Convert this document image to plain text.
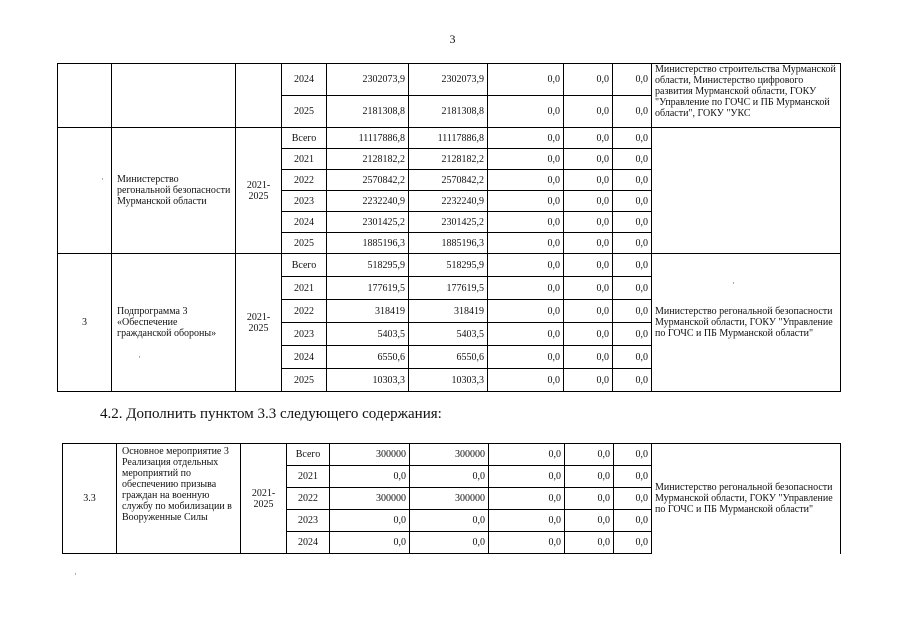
3
			2024	2302073,9	2302073,9	0,0	0,0	0,0	Министерство строительства Мурманской области, Министерство цифрового развития Мурманской области, ГОКУ "Управление по ГОЧС и ПБ Мурманской области", ГОКУ "УКС
			2025	2181308,8	2181308,8	0,0	0,0	0,0	
	Министерство регональной безопасности Мурманской области	2021-2025	Всего	11117886,8	11117886,8	0,0	0,0	0,0	
			2021	2128182,2	2128182,2	0,0	0,0	0,0	
			2022	2570842,2	2570842,2	0,0	0,0	0,0	
			2023	2232240,9	2232240,9	0,0	0,0	0,0	
			2024	2301425,2	2301425,2	0,0	0,0	0,0	
			2025	1885196,3	1885196,3	0,0	0,0	0,0	
3	Подпрограмма 3 «Обеспечение гражданской обороны»	2021-2025	Всего	518295,9	518295,9	0,0	0,0	0,0	Министерство регональной безопасности Мурманской области, ГОКУ "Управление по ГОЧС и ПБ Мурманской области"
			2021	177619,5	177619,5	0,0	0,0	0,0	
			2022	318419	318419	0,0	0,0	0,0	
			2023	5403,5	5403,5	0,0	0,0	0,0	
			2024	6550,6	6550,6	0,0	0,0	0,0	
			2025	10303,3	10303,3	0,0	0,0	0,0	
4.2. Дополнить пунктом 3.3 следующего содержания:
3.3	Основное мероприятие 3 Реализация отдельных мероприятий по обеспечению призыва граждан на военную службу по мобилизации в Вооруженные Силы	2021-2025	Всего	300000	300000	0,0	0,0	0,0	Министерство регональной безопасности Мурманской области, ГОКУ "Управление по ГОЧС и ПБ Мурманской области"
			2021	0,0	0,0	0,0	0,0	0,0	
			2022	300000	300000	0,0	0,0	0,0	
			2023	0,0	0,0	0,0	0,0	0,0	
			2024	0,0	0,0	0,0	0,0	0,0	
·
·
·
·
